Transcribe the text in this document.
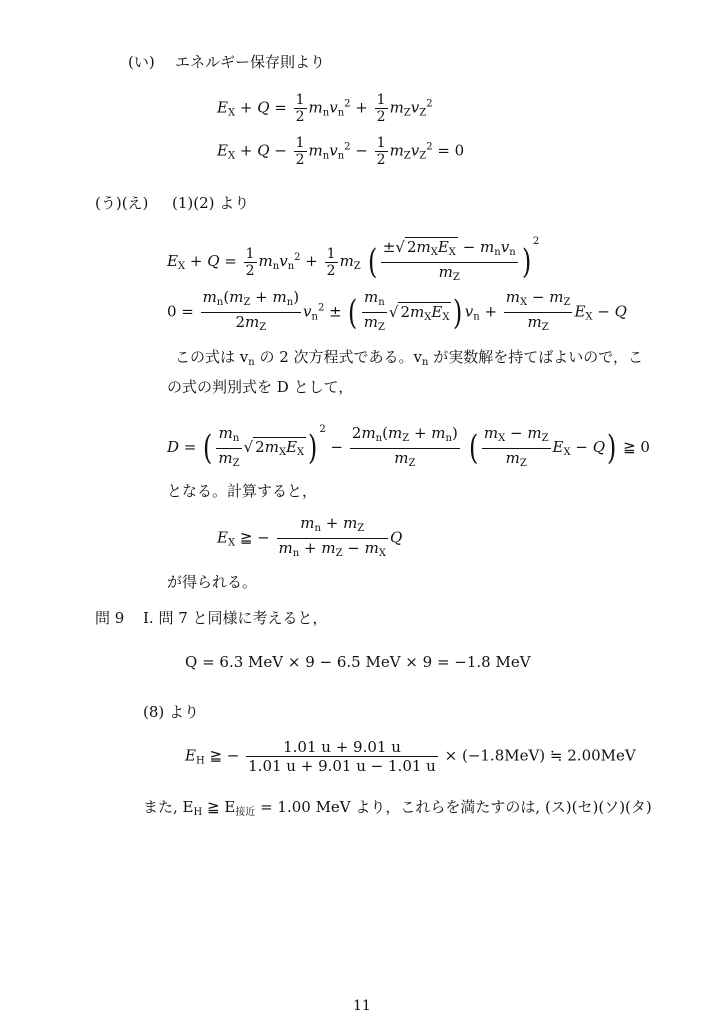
(い) エネルギー保存則より
$E_X + Q = \frac{1}{2} m_nv_n^2 + \frac{1}{2} m_Zv_Z^2$
$E_X + Q - \frac{1}{2} m_nv_n^2 - \frac{1}{2} m_Zv_Z^2 = 0$
(う)(え) (1)(2) より
$E_X + Q = \frac{1}{2} m_nv_n^2 + \frac{1}{2} m_Z$ ( $\frac{\pm√ 2m_XE_X - m_nv_n}{m_Z} )^2$
$0 = \frac{m_n(m_Z + m_n)}{2m_Z} v_n^2$ ± ( $\frac{m_n}{m_Z}$ √ $2m_XE_X$ ) $v_n + \frac{m_X - m_Z}{m_Z} E_X - Q$
この式は $v_n$ の 2 次方程式である。$v_n$ が実数解を持てばよいので，こ
の式の判別式を D として，
D = ( $\frac{m_n}{m_Z}$ √ $2m_XE_X$ ) $^2 - \frac{2m_n(m_Z + m_n)}{m_Z}$ ( $\frac{m_X - m_Z}{m_Z} E_X - Q$) ≧ 0
となる。計算すると，
$E_X$ ≧ − $\frac{m_n + m_Z}{m_n + m_Z - m_X}$ Q
が得られる。
問 9 I. 問 7 と同様に考えると，
Q = 6.3 MeV × 9 − 6.5 MeV × 9 = −1.8 MeV
(8) より
$E_H$ ≧ − $\frac{1.01 u + 9.01 u}{1.01 u + 9.01 u - 1.01 u} \times (-1.8MeV)$ ≒ 2.00MeV
また, $E_H$ ≧ $E_{接近} = 1.00$ MeV より，これらを満たすのは, (ス)(セ)(ソ)(タ)
11
